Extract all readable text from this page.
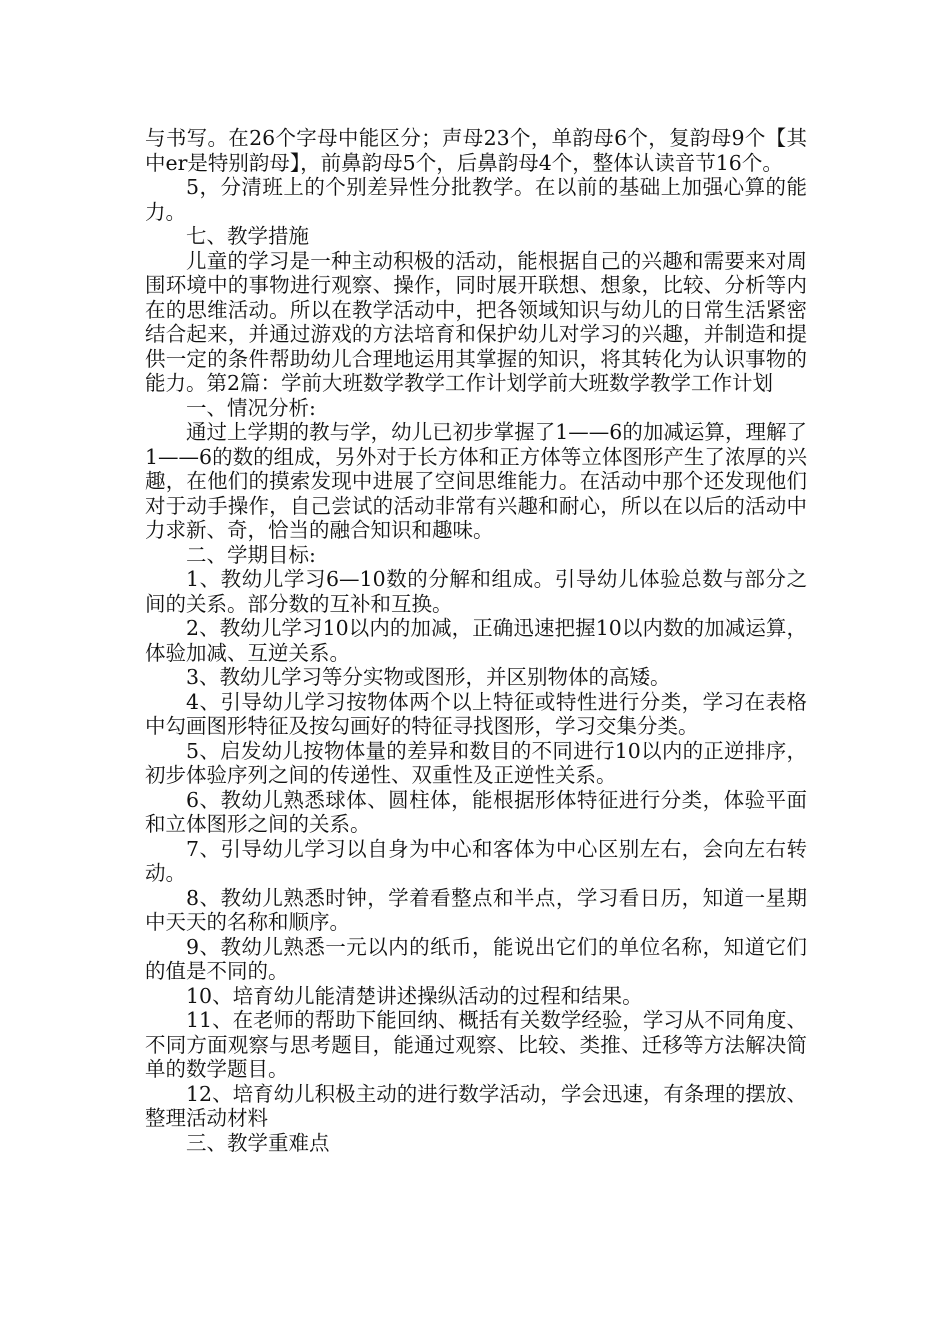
与书写。在26个字母中能区分；声母23个，单韵母6个，复韵母9个【其中er是特别韵母】，前鼻韵母5个，后鼻韵母4个，整体认读音节16个。

5，分清班上的个别差异性分批教学。在以前的基础上加强心算的能力。

七、教学措施

儿童的学习是一种主动积极的活动，能根据自己的兴趣和需要来对周围环境中的事物进行观察、操作，同时展开联想、想象，比较、分析等内在的思维活动。所以在教学活动中，把各领域知识与幼儿的日常生活紧密结合起来，并通过游戏的方法培育和保护幼儿对学习的兴趣，并制造和提供一定的条件帮助幼儿合理地运用其掌握的知识，将其转化为认识事物的能力。第2篇：学前大班数学教学工作计划学前大班数学教学工作计划

一、情况分析:

通过上学期的教与学，幼儿已初步掌握了1——6的加减运算，理解了1——6的数的组成，另外对于长方体和正方体等立体图形产生了浓厚的兴趣，在他们的摸索发现中进展了空间思维能力。在活动中那个还发现他们对于动手操作，自己尝试的活动非常有兴趣和耐心，所以在以后的活动中力求新、奇，恰当的融合知识和趣味。

二、学期目标:

1、教幼儿学习6—10数的分解和组成。引导幼儿体验总数与部分之间的关系。部分数的互补和互换。

2、教幼儿学习10以内的加减，正确迅速把握10以内数的加减运算，体验加减、互逆关系。

3、教幼儿学习等分实物或图形，并区别物体的高矮。

4、引导幼儿学习按物体两个以上特征或特性进行分类，学习在表格中勾画图形特征及按勾画好的特征寻找图形，学习交集分类。

5、启发幼儿按物体量的差异和数目的不同进行10以内的正逆排序，初步体验序列之间的传递性、双重性及正逆性关系。

6、教幼儿熟悉球体、圆柱体，能根据形体特征进行分类，体验平面和立体图形之间的关系。

7、引导幼儿学习以自身为中心和客体为中心区别左右，会向左右转动。

8、教幼儿熟悉时钟，学着看整点和半点，学习看日历，知道一星期中天天的名称和顺序。

9、教幼儿熟悉一元以内的纸币，能说出它们的单位名称，知道它们的值是不同的。

10、培育幼儿能清楚讲述操纵活动的过程和结果。

11、在老师的帮助下能回纳、概括有关数学经验，学习从不同角度、不同方面观察与思考题目，能通过观察、比较、类推、迁移等方法解决简单的数学题目。

12、培育幼儿积极主动的进行数学活动，学会迅速，有条理的摆放、整理活动材料

三、教学重难点
